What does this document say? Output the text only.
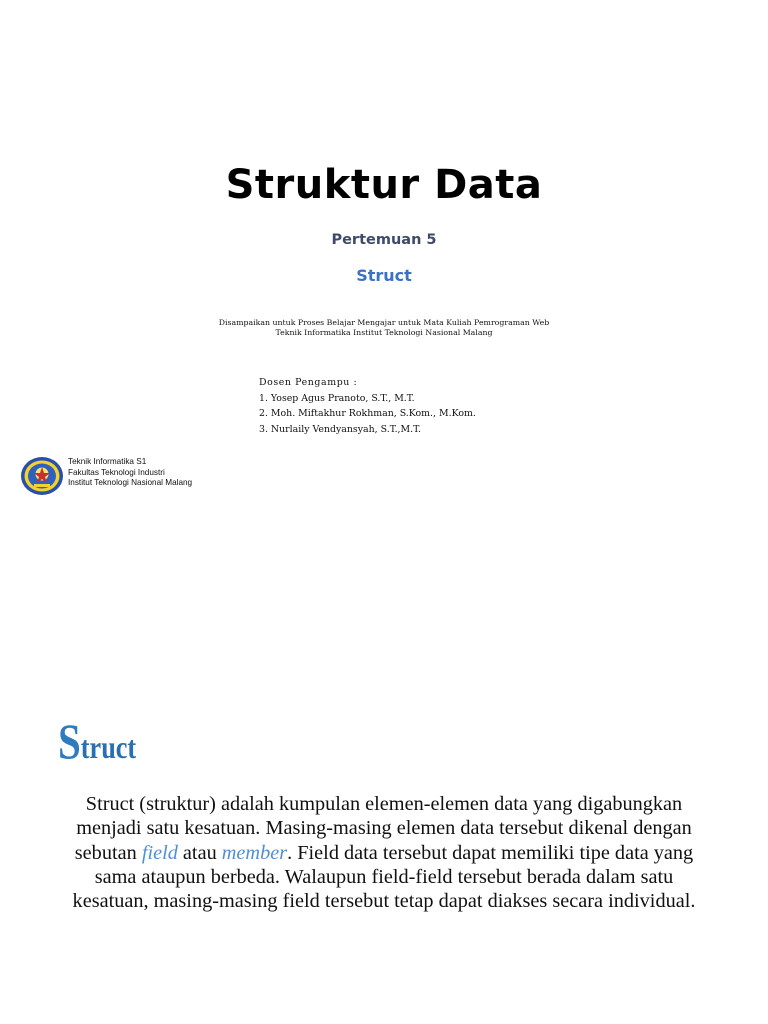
Struktur Data
Pertemuan 5
Struct
Disampaikan untuk Proses Belajar Mengajar untuk Mata Kuliah Pemrograman Web
Teknik Informatika Institut Teknologi Nasional Malang
Dosen Pengampu :
1. Yosep Agus Pranoto, S.T., M.T.
2. Moh. Miftakhur Rokhman, S.Kom., M.Kom.
3. Nurlaily Vendyansyah, S.T.,M.T.
Teknik Informatika S1
Fakultas Teknologi Industri
Institut Teknologi Nasional Malang
Struct
Struct (struktur) adalah kumpulan elemen-elemen data yang digabungkan menjadi satu kesatuan. Masing-masing elemen data tersebut dikenal dengan sebutan field atau member. Field data tersebut dapat memiliki tipe data yang sama ataupun berbeda. Walaupun field-field tersebut berada dalam satu kesatuan, masing-masing field tersebut tetap dapat diakses secara individual.
